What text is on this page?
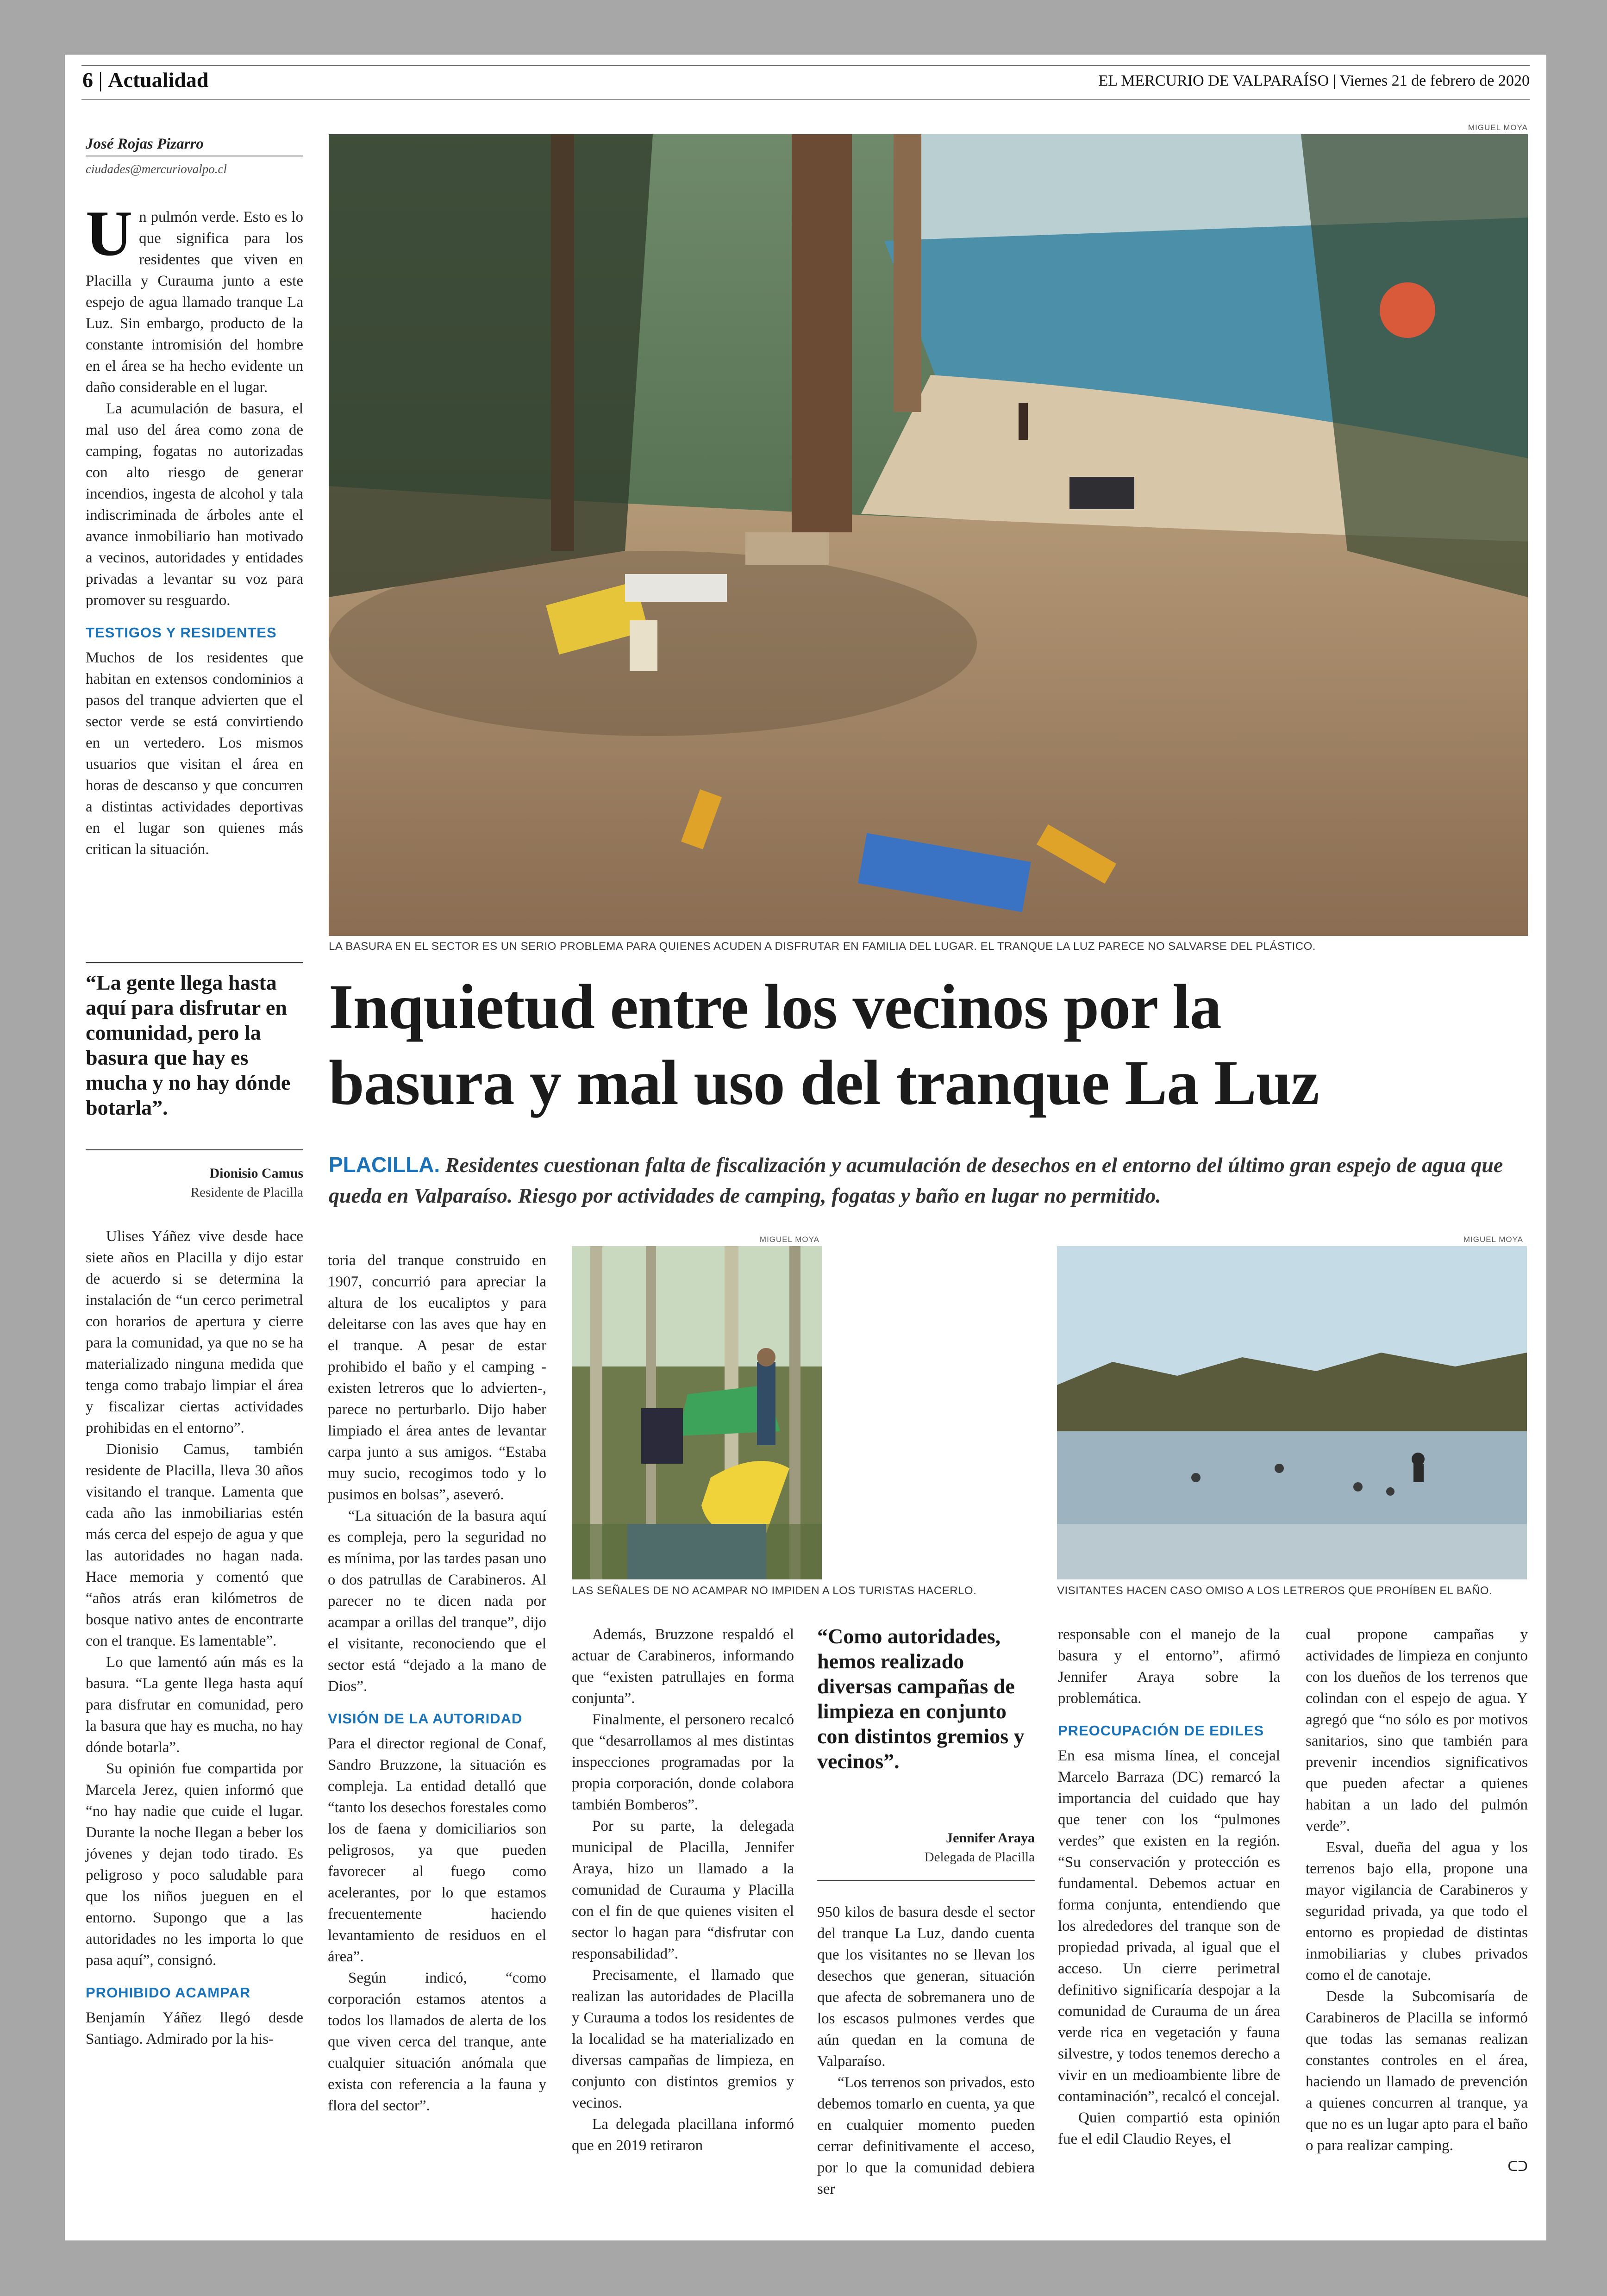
6 | Actualidad	EL MERCURIO DE VALPARAÍSO | Viernes 21 de febrero de 2020
José Rojas Pizarro
ciudades@mercuriovalpo.cl

Un pulmón verde. Esto es lo que significa para los residentes que viven en Placilla y Curauma junto a este espejo de agua llamado tranque La Luz. Sin embargo, producto de la constante intromisión del hombre en el área se ha hecho evidente un daño considerable en el lugar.

La acumulación de basura, el mal uso del área como zona de camping, fogatas no autorizadas con alto riesgo de generar incendios, ingesta de alcohol y tala indiscriminada de árboles ante el avance inmobiliario han motivado a vecinos, autoridades y entidades privadas a levantar su voz para promover su resguardo.

TESTIGOS Y RESIDENTES

Muchos de los residentes que habitan en extensos condominios a pasos del tranque advierten que el sector verde se está convirtiendo en un vertedero. Los mismos usuarios que visitan el área en horas de descanso y que concurren a distintas actividades deportivas en el lugar son quienes más critican la situación.

“La gente llega hasta aquí para disfrutar en comunidad, pero la basura que hay es mucha y no hay dónde botarla”.
Dionisio Camus
Residente de Placilla

Ulises Yáñez vive desde hace siete años en Placilla y dijo estar de acuerdo si se determina la instalación de “un cerco perimetral con horarios de apertura y cierre para la comunidad, ya que no se ha materializado ninguna medida que tenga como trabajo limpiar el área y fiscalizar ciertas actividades prohibidas en el entorno”.

Dionisio Camus, también residente de Placilla, lleva 30 años visitando el tranque. Lamenta que cada año las inmobiliarias estén más cerca del espejo de agua y que las autoridades no hagan nada. Hace memoria y comentó que “años atrás eran kilómetros de bosque nativo antes de encontrarte con el tranque. Es lamentable”.

Lo que lamentó aún más es la basura. “La gente llega hasta aquí para disfrutar en comunidad, pero la basura que hay es mucha, no hay dónde botarla”.

Su opinión fue compartida por Marcela Jerez, quien informó que “no hay nadie que cuide el lugar. Durante la noche llegan a beber los jóvenes y dejan todo tirado. Es peligroso y poco saludable para que los niños jueguen en el entorno. Supongo que a las autoridades no les importa lo que pasa aquí”, consignó.

PROHIBIDO ACAMPAR

Benjamín Yáñez llegó desde Santiago. Admirado por la his-

MIGUEL MOYA
LA BASURA EN EL SECTOR ES UN SERIO PROBLEMA PARA QUIENES ACUDEN A DISFRUTAR EN FAMILIA DEL LUGAR. EL TRANQUE LA LUZ PARECE NO SALVARSE DEL PLÁSTICO.
Inquietud entre los vecinos por la
basura y mal uso del tranque La Luz
PLACILLA. Residentes cuestionan falta de fiscalización y acumulación de desechos en el entorno del último gran espejo de agua que queda en Valparaíso. Riesgo por actividades de camping, fogatas y baño en lugar no permitido.
MIGUEL MOYA
LAS SEÑALES DE NO ACAMPAR NO IMPIDEN A LOS TURISTAS HACERLO.
MIGUEL MOYA
VISITANTES HACEN CASO OMISO A LOS LETREROS QUE PROHÍBEN EL BAÑO.

toria del tranque construido en 1907, concurrió para apreciar la altura de los eucaliptos y para deleitarse con las aves que hay en el tranque. A pesar de estar prohibido el baño y el camping -existen letreros que lo advierten-, parece no perturbarlo. Dijo haber limpiado el área antes de levantar carpa junto a sus amigos. “Estaba muy sucio, recogimos todo y lo pusimos en bolsas”, aseveró.

“La situación de la basura aquí es compleja, pero la seguridad no es mínima, por las tardes pasan uno o dos patrullas de Carabineros. Al parecer no te dicen nada por acampar a orillas del tranque”, dijo el visitante, reconociendo que el sector está “dejado a la mano de Dios”.

VISIÓN DE LA AUTORIDAD

Para el director regional de Conaf, Sandro Bruzzone, la situación es compleja. La entidad detalló que “tanto los desechos forestales como los de faena y domiciliarios son peligrosos, ya que pueden favorecer al fuego como acelerantes, por lo que estamos frecuentemente haciendo levantamiento de residuos en el área”.

Según indicó, “como corporación estamos atentos a todos los llamados de alerta de los que viven cerca del tranque, ante cualquier situación anómala que exista con referencia a la fauna y flora del sector”.

Además, Bruzzone respaldó el actuar de Carabineros, informando que “existen patrullajes en forma conjunta”.

Finalmente, el personero recalcó que “desarrollamos al mes distintas inspecciones programadas por la propia corporación, donde colabora también Bomberos”.

Por su parte, la delegada municipal de Placilla, Jennifer Araya, hizo un llamado a la comunidad de Curauma y Placilla con el fin de que quienes visiten el sector lo hagan para “disfrutar con responsabilidad”.

Precisamente, el llamado que realizan las autoridades de Placilla y Curauma a todos los residentes de la localidad se ha materializado en diversas campañas de limpieza, en conjunto con distintos gremios y vecinos.

La delegada placillana informó que en 2019 retiraron

“Como autoridades, hemos realizado diversas campañas de limpieza en conjunto con distintos gremios y vecinos”.
Jennifer Araya
Delegada de Placilla

950 kilos de basura desde el sector del tranque La Luz, dando cuenta que los visitantes no se llevan los desechos que generan, situación que afecta de sobremanera uno de los escasos pulmones verdes que aún quedan en la comuna de Valparaíso.

“Los terrenos son privados, esto debemos tomarlo en cuenta, ya que en cualquier momento pueden cerrar definitivamente el acceso, por lo que la comunidad debiera ser

responsable con el manejo de la basura y el entorno”, afirmó Jennifer Araya sobre la problemática.

PREOCUPACIÓN DE EDILES

En esa misma línea, el concejal Marcelo Barraza (DC) remarcó la importancia del cuidado que hay que tener con los “pulmones verdes” que existen en la región. “Su conservación y protección es fundamental. Debemos actuar en forma conjunta, entendiendo que los alrededores del tranque son de propiedad privada, al igual que el acceso. Un cierre perimetral definitivo significaría despojar a la comunidad de Curauma de un área verde rica en vegetación y fauna silvestre, y todos tenemos derecho a vivir en un medioambiente libre de contaminación”, recalcó el concejal.

Quien compartió esta opinión fue el edil Claudio Reyes, el

cual propone campañas y actividades de limpieza en conjunto con los dueños de los terrenos que colindan con el espejo de agua. Y agregó que “no sólo es por motivos sanitarios, sino que también para prevenir incendios significativos que pueden afectar a quienes habitan a un lado del pulmón verde”.

Esval, dueña del agua y los terrenos bajo ella, propone una mayor vigilancia de Carabineros y seguridad privada, ya que todo el entorno es propiedad de distintas inmobiliarias y clubes privados como el de canotaje.

Desde la Subcomisaría de Carabineros de Placilla se informó que todas las semanas realizan constantes controles en el área, haciendo un llamado de prevención a quienes concurren al tranque, ya que no es un lugar apto para el baño o para realizar camping.

ᑕᑐ
